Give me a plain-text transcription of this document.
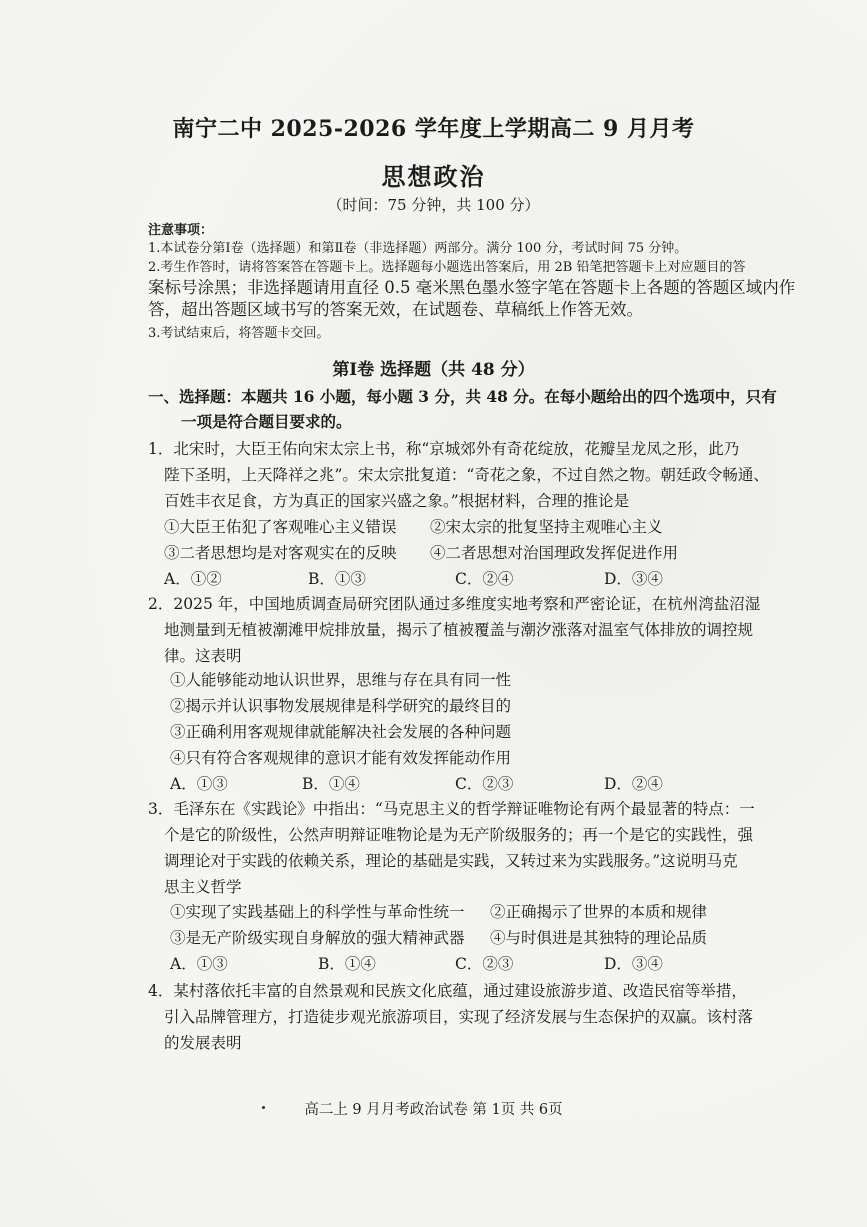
南宁二中 2025-2026 学年度上学期高二 9 月月考
思想政治
（时间：75 分钟，共 100 分）
注意事项：
1.本试卷分第Ⅰ卷（选择题）和第Ⅱ卷（非选择题）两部分。满分 100 分，考试时间 75 分钟。
2.考生作答时，请将答案答在答题卡上。选择题每小题选出答案后，用 2B 铅笔把答题卡上对应题目的答
案标号涂黑；非选择题请用直径 0.5 毫米黑色墨水签字笔在答题卡上各题的答题区域内作
答，超出答题区域书写的答案无效，在试题卷、草稿纸上作答无效。
3.考试结束后，将答题卡交回。
第Ⅰ卷 选择题（共 48 分）
一、选择题：本题共 16 小题，每小题 3 分，共 48 分。在每小题给出的四个选项中，只有
一项是符合题目要求的。
1．北宋时，大臣王佑向宋太宗上书，称“京城郊外有奇花绽放，花瓣呈龙凤之形，此乃
陛下圣明，上天降祥之兆”。宋太宗批复道：“奇花之象，不过自然之物。朝廷政令畅通、
百姓丰衣足食，方为真正的国家兴盛之象。”根据材料，合理的推论是
①大臣王佑犯了客观唯心主义错误 ②宋太宗的批复坚持主观唯心主义
③二者思想均是对客观实在的反映 ④二者思想对治国理政发挥促进作用
A．①②	B．①③	C．②④	D．③④
2．2025 年，中国地质调查局研究团队通过多维度实地考察和严密论证，在杭州湾盐沼湿
地测量到无植被潮滩甲烷排放量，揭示了植被覆盖与潮汐涨落对温室气体排放的调控规
律。这表明
①人能够能动地认识世界，思维与存在具有同一性
②揭示并认识事物发展规律是科学研究的最终目的
③正确利用客观规律就能解决社会发展的各种问题
④只有符合客观规律的意识才能有效发挥能动作用
A．①③	B．①④	C．②③	D．②④
3．毛泽东在《实践论》中指出：“马克思主义的哲学辩证唯物论有两个最显著的特点：一
个是它的阶级性，公然声明辩证唯物论是为无产阶级服务的；再一个是它的实践性，强
调理论对于实践的依赖关系，理论的基础是实践，又转过来为实践服务。”这说明马克
思主义哲学
①实现了实践基础上的科学性与革命性统一 ②正确揭示了世界的本质和规律
③是无产阶级实现自身解放的强大精神武器 ④与时俱进是其独特的理论品质
A．①③	B．①④	C．②③	D．③④
4．某村落依托丰富的自然景观和民族文化底蕴，通过建设旅游步道、改造民宿等举措，
引入品牌管理方，打造徒步观光旅游项目，实现了经济发展与生态保护的双赢。该村落
的发展表明
高二上 9 月月考政治试卷 第 1页 共 6页
